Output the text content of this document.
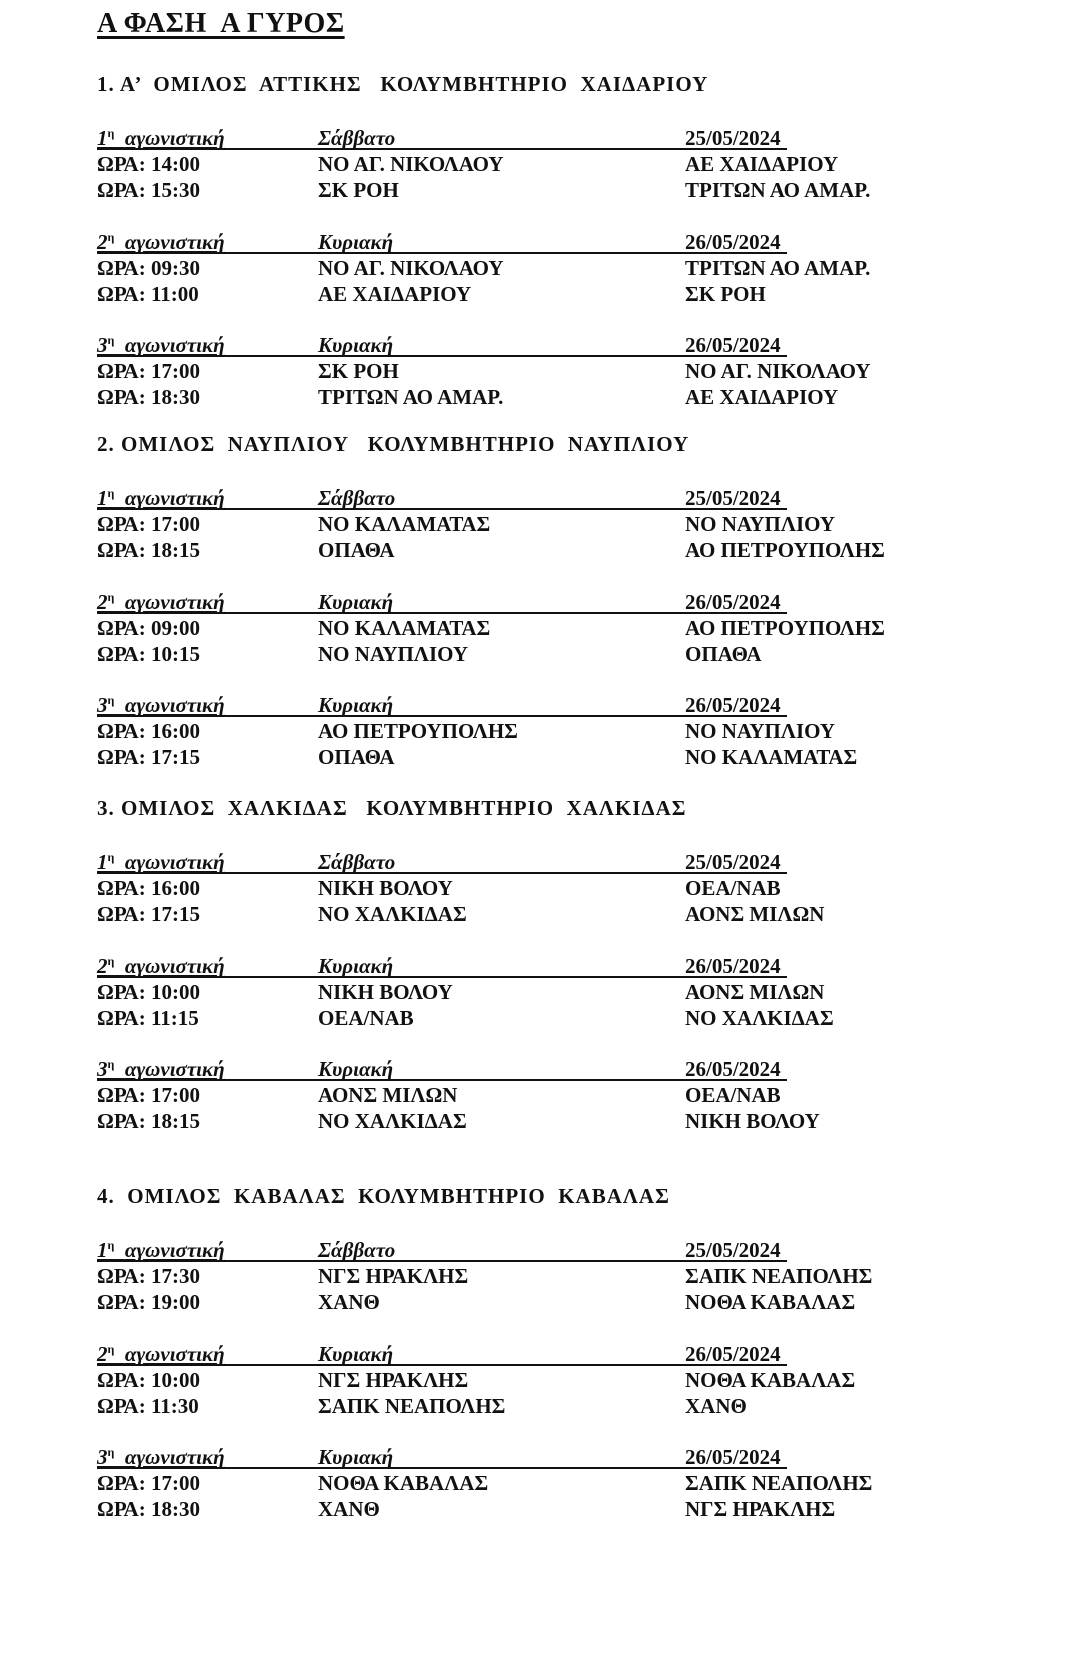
Α ΦΑΣΗ  Α ΓΥΡΟΣ
1. Α’  ΟΜΙΛΟΣ  ΑΤΤΙΚΗΣ   ΚΟΛΥΜΒΗΤΗΡΙΟ  ΧΑΙΔΑΡΙΟΥ
$1^\eta$ αγωνιστική	Σάββατο	25/05/2024
ΩΡΑ: 14:00	ΝΟ ΑΓ. ΝΙΚΟΛΑΟΥ	ΑΕ ΧΑΙΔΑΡΙΟΥ
ΩΡΑ: 15:30	ΣΚ ΡΟΗ	ΤΡΙΤΩΝ ΑΟ ΑΜΑΡ.
$2^\eta$ αγωνιστική	Κυριακή	26/05/2024
ΩΡΑ: 09:30	ΝΟ ΑΓ. ΝΙΚΟΛΑΟΥ	ΤΡΙΤΩΝ ΑΟ ΑΜΑΡ.
ΩΡΑ: 11:00	ΑΕ ΧΑΙΔΑΡΙΟΥ	ΣΚ ΡΟΗ
$3^\eta$ αγωνιστική	Κυριακή	26/05/2024
ΩΡΑ: 17:00	ΣΚ ΡΟΗ	ΝΟ ΑΓ. ΝΙΚΟΛΑΟΥ
ΩΡΑ: 18:30	ΤΡΙΤΩΝ ΑΟ ΑΜΑΡ.	ΑΕ ΧΑΙΔΑΡΙΟΥ
2. ΟΜΙΛΟΣ  ΝΑΥΠΛΙΟΥ   ΚΟΛΥΜΒΗΤΗΡΙΟ  ΝΑΥΠΛΙΟΥ
$1^\eta$ αγωνιστική	Σάββατο	25/05/2024
ΩΡΑ: 17:00	ΝΟ ΚΑΛΑΜΑΤΑΣ	ΝΟ ΝΑΥΠΛΙΟΥ
ΩΡΑ: 18:15	ΟΠΑΘΑ	ΑΟ ΠΕΤΡΟΥΠΟΛΗΣ
$2^\eta$ αγωνιστική	Κυριακή	26/05/2024
ΩΡΑ: 09:00	ΝΟ ΚΑΛΑΜΑΤΑΣ	ΑΟ ΠΕΤΡΟΥΠΟΛΗΣ
ΩΡΑ: 10:15	ΝΟ ΝΑΥΠΛΙΟΥ	ΟΠΑΘΑ
$3^\eta$ αγωνιστική	Κυριακή	26/05/2024
ΩΡΑ: 16:00	ΑΟ ΠΕΤΡΟΥΠΟΛΗΣ	ΝΟ ΝΑΥΠΛΙΟΥ
ΩΡΑ: 17:15	ΟΠΑΘΑ	ΝΟ ΚΑΛΑΜΑΤΑΣ
3. ΟΜΙΛΟΣ  ΧΑΛΚΙΔΑΣ   ΚΟΛΥΜΒΗΤΗΡΙΟ  ΧΑΛΚΙΔΑΣ
$1^\eta$ αγωνιστική	Σάββατο	25/05/2024
ΩΡΑ: 16:00	ΝΙΚΗ ΒΟΛΟΥ	ΟΕΑ/ΝΑΒ
ΩΡΑ: 17:15	ΝΟ ΧΑΛΚΙΔΑΣ	ΑΟΝΣ ΜΙΛΩΝ
$2^\eta$ αγωνιστική	Κυριακή	26/05/2024
ΩΡΑ: 10:00	ΝΙΚΗ ΒΟΛΟΥ	ΑΟΝΣ ΜΙΛΩΝ
ΩΡΑ: 11:15	ΟΕΑ/ΝΑΒ	ΝΟ ΧΑΛΚΙΔΑΣ
$3^\eta$ αγωνιστική	Κυριακή	26/05/2024
ΩΡΑ: 17:00	ΑΟΝΣ ΜΙΛΩΝ	ΟΕΑ/ΝΑΒ
ΩΡΑ: 18:15	ΝΟ ΧΑΛΚΙΔΑΣ	ΝΙΚΗ ΒΟΛΟΥ
4.  ΟΜΙΛΟΣ  ΚΑΒΑΛΑΣ  ΚΟΛΥΜΒΗΤΗΡΙΟ  ΚΑΒΑΛΑΣ
$1^\eta$ αγωνιστική	Σάββατο	25/05/2024
ΩΡΑ: 17:30	ΝΓΣ ΗΡΑΚΛΗΣ	ΣΑΠΚ ΝΕΑΠΟΛΗΣ
ΩΡΑ: 19:00	ΧΑΝΘ	ΝΟΘΑ ΚΑΒΑΛΑΣ
$2^\eta$ αγωνιστική	Κυριακή	26/05/2024
ΩΡΑ: 10:00	ΝΓΣ ΗΡΑΚΛΗΣ	ΝΟΘΑ ΚΑΒΑΛΑΣ
ΩΡΑ: 11:30	ΣΑΠΚ ΝΕΑΠΟΛΗΣ	ΧΑΝΘ
$3^\eta$ αγωνιστική	Κυριακή	26/05/2024
ΩΡΑ: 17:00	ΝΟΘΑ ΚΑΒΑΛΑΣ	ΣΑΠΚ ΝΕΑΠΟΛΗΣ
ΩΡΑ: 18:30	ΧΑΝΘ	ΝΓΣ ΗΡΑΚΛΗΣ
